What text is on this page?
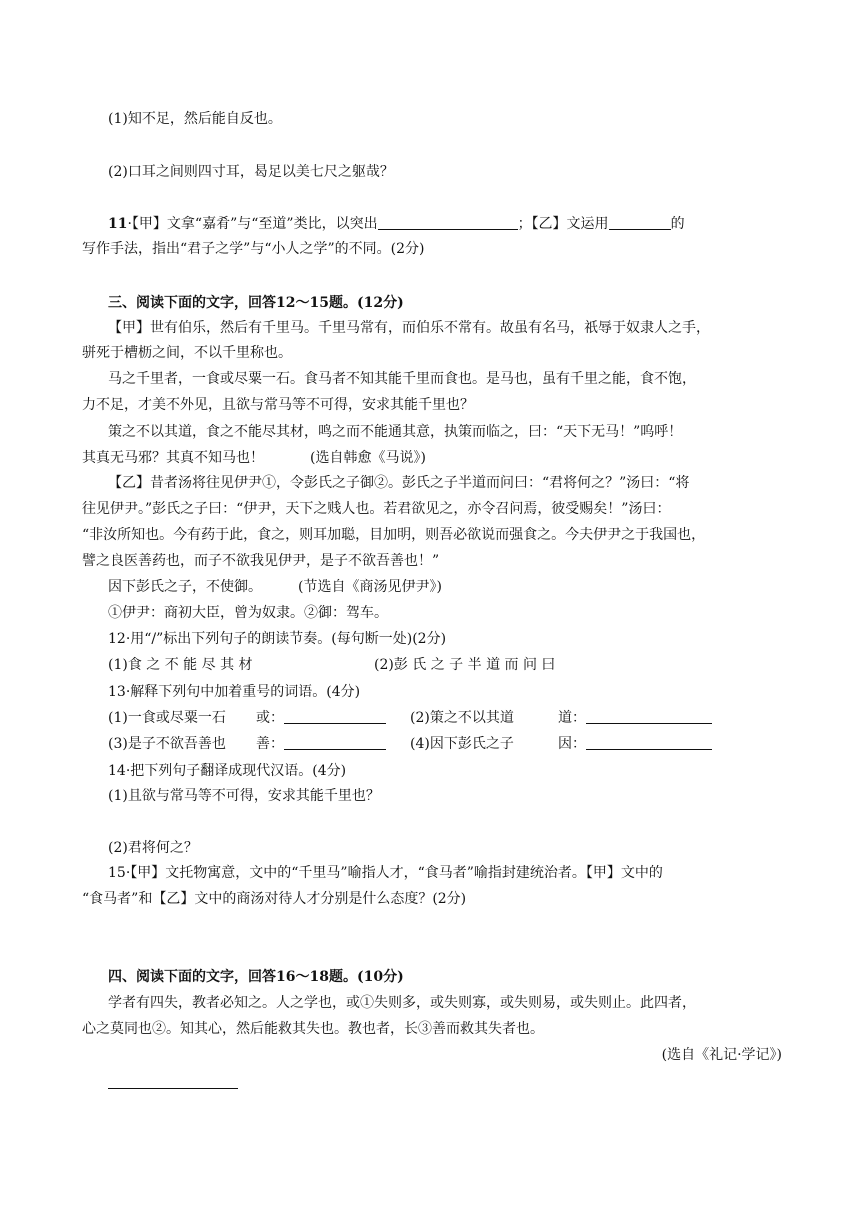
(1)知不足，然后能自反也。
(2)口耳之间则四寸耳，曷足以美七尺之躯哉？
11·【甲】文拿“嘉肴”与“至道”类比，以突出	；【乙】文运用	的
写作手法，指出“君子之学”与“小人之学”的不同。(2分)
三、阅读下面的文字，回答12～15题。(12分)
【甲】世有伯乐，然后有千里马。千里马常有，而伯乐不常有。故虽有名马，祇辱于奴隶人之手，
骈死于槽枥之间，不以千里称也。
马之千里者，一食或尽粟一石。食马者不知其能千里而食也。是马也，虽有千里之能，食不饱，
力不足，才美不外见，且欲与常马等不可得，安求其能千里也？
策之不以其道，食之不能尽其材，鸣之而不能通其意，执策而临之，曰：“天下无马！”呜呼！
其真无马邪？其真不知马也！	(选自韩愈《马说》)
【乙】昔者汤将往见伊尹①，令彭氏之子御②。彭氏之子半道而问曰：“君将何之？”汤曰：“将
往见伊尹。”彭氏之子曰：“伊尹，天下之贱人也。若君欲见之，亦令召问焉，彼受赐矣！”汤曰：
“非汝所知也。今有药于此，食之，则耳加聪，目加明，则吾必欲说而强食之。今夫伊尹之于我国也，
譬之良医善药也，而子不欲我见伊尹，是子不欲吾善也！”
因下彭氏之子，不使御。	(节选自《商汤见伊尹》)
①伊尹：商初大臣，曾为奴隶。②御：驾车。
12·用“/”标出下列句子的朗读节奏。(每句断一处)(2分)
(1)食 之 不 能 尽 其 材	(2)彭 氏 之 子 半 道 而 问 曰
13·解释下列句中加着重号的词语。(4分)
(1)一食或尽粟一石 或：	(2)策之不以其道	道：
(3)是子不欲吾善也 善：	(4)因下彭氏之子	因：
14·把下列句子翻译成现代汉语。(4分)
(1)且欲与常马等不可得，安求其能千里也？
(2)君将何之？
15·【甲】文托物寓意，文中的“千里马”喻指人才，“食马者”喻指封建统治者。【甲】文中的
“食马者”和【乙】文中的商汤对待人才分别是什么态度？(2分)
四、阅读下面的文字，回答16～18题。(10分)
学者有四失，教者必知之。人之学也，或①失则多，或失则寡，或失则易，或失则止。此四者，
心之莫同也②。知其心，然后能救其失也。教也者，长③善而救其失者也。
(选自《礼记·学记》)
